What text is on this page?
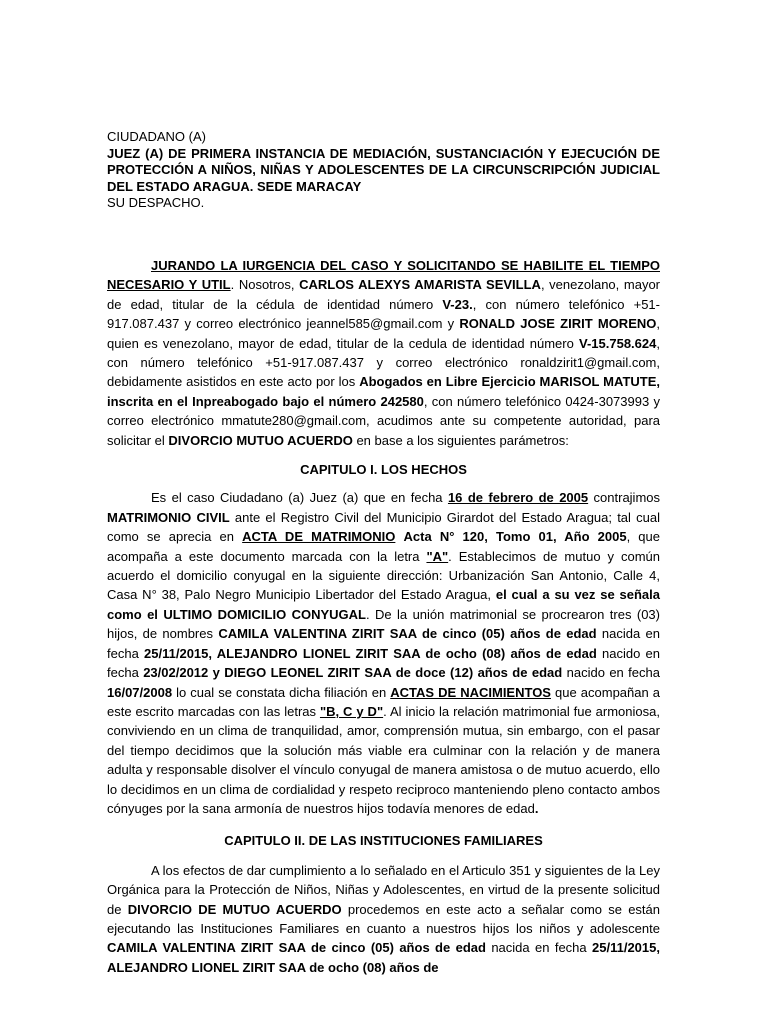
CIUDADANO (A)
JUEZ (A) DE PRIMERA INSTANCIA DE MEDIACIÓN, SUSTANCIACIÓN Y EJECUCIÓN DE PROTECCIÓN A NIÑOS, NIÑAS Y ADOLESCENTES DE LA CIRCUNSCRIPCIÓN JUDICIAL DEL ESTADO ARAGUA. SEDE MARACAY
SU DESPACHO.

JURANDO LA IURGENCIA DEL CASO Y SOLICITANDO SE HABILITE EL TIEMPO NECESARIO Y UTIL. Nosotros, CARLOS ALEXYS AMARISTA SEVILLA, venezolano, mayor de edad, titular de la cédula de identidad número V-23., con número telefónico +51-917.087.437 y correo electrónico jeannel585@gmail.com y RONALD JOSE ZIRIT MORENO, quien es venezolano, mayor de edad, titular de la cedula de identidad número V-15.758.624, con número telefónico +51-917.087.437 y correo electrónico ronaldzirit1@gmail.com, debidamente asistidos en este acto por los Abogados en Libre Ejercicio MARISOL MATUTE, inscrita en el Inpreabogado bajo el número 242580, con número telefónico 0424-3073993 y correo electrónico mmatute280@gmail.com, acudimos ante su competente autoridad, para solicitar el DIVORCIO MUTUO ACUERDO en base a los siguientes parámetros:

CAPITULO I. LOS HECHOS

Es el caso Ciudadano (a) Juez (a) que en fecha 16 de febrero de 2005 contrajimos MATRIMONIO CIVIL ante el Registro Civil del Municipio Girardot del Estado Aragua; tal cual como se aprecia en ACTA DE MATRIMONIO Acta N° 120, Tomo 01, Año 2005, que acompaña a este documento marcada con la letra "A". Establecimos de mutuo y común acuerdo el domicilio conyugal en la siguiente dirección: Urbanización San Antonio, Calle 4, Casa N° 38, Palo Negro Municipio Libertador del Estado Aragua, el cual a su vez se señala como el ULTIMO DOMICILIO CONYUGAL. De la unión matrimonial se procrearon tres (03) hijos, de nombres CAMILA VALENTINA ZIRIT SAA de cinco (05) años de edad nacida en fecha 25/11/2015, ALEJANDRO LIONEL ZIRIT SAA de ocho (08) años de edad nacido en fecha 23/02/2012 y DIEGO LEONEL ZIRIT SAA de doce (12) años de edad nacido en fecha 16/07/2008 lo cual se constata dicha filiación en ACTAS DE NACIMIENTOS que acompañan a este escrito marcadas con las letras "B, C y D". Al inicio la relación matrimonial fue armoniosa, conviviendo en un clima de tranquilidad, amor, comprensión mutua, sin embargo, con el pasar del tiempo decidimos que la solución más viable era culminar con la relación y de manera adulta y responsable disolver el vínculo conyugal de manera amistosa o de mutuo acuerdo, ello lo decidimos en un clima de cordialidad y respeto reciproco manteniendo pleno contacto ambos cónyuges por la sana armonía de nuestros hijos todavía menores de edad.

CAPITULO II. DE LAS INSTITUCIONES FAMILIARES

A los efectos de dar cumplimiento a lo señalado en el Articulo 351 y siguientes de la Ley Orgánica para la Protección de Niños, Niñas y Adolescentes, en virtud de la presente solicitud de DIVORCIO DE MUTUO ACUERDO procedemos en este acto a señalar como se están ejecutando las Instituciones Familiares en cuanto a nuestros hijos los niños y adolescente CAMILA VALENTINA ZIRIT SAA de cinco (05) años de edad nacida en fecha 25/11/2015, ALEJANDRO LIONEL ZIRIT SAA de ocho (08) años de
